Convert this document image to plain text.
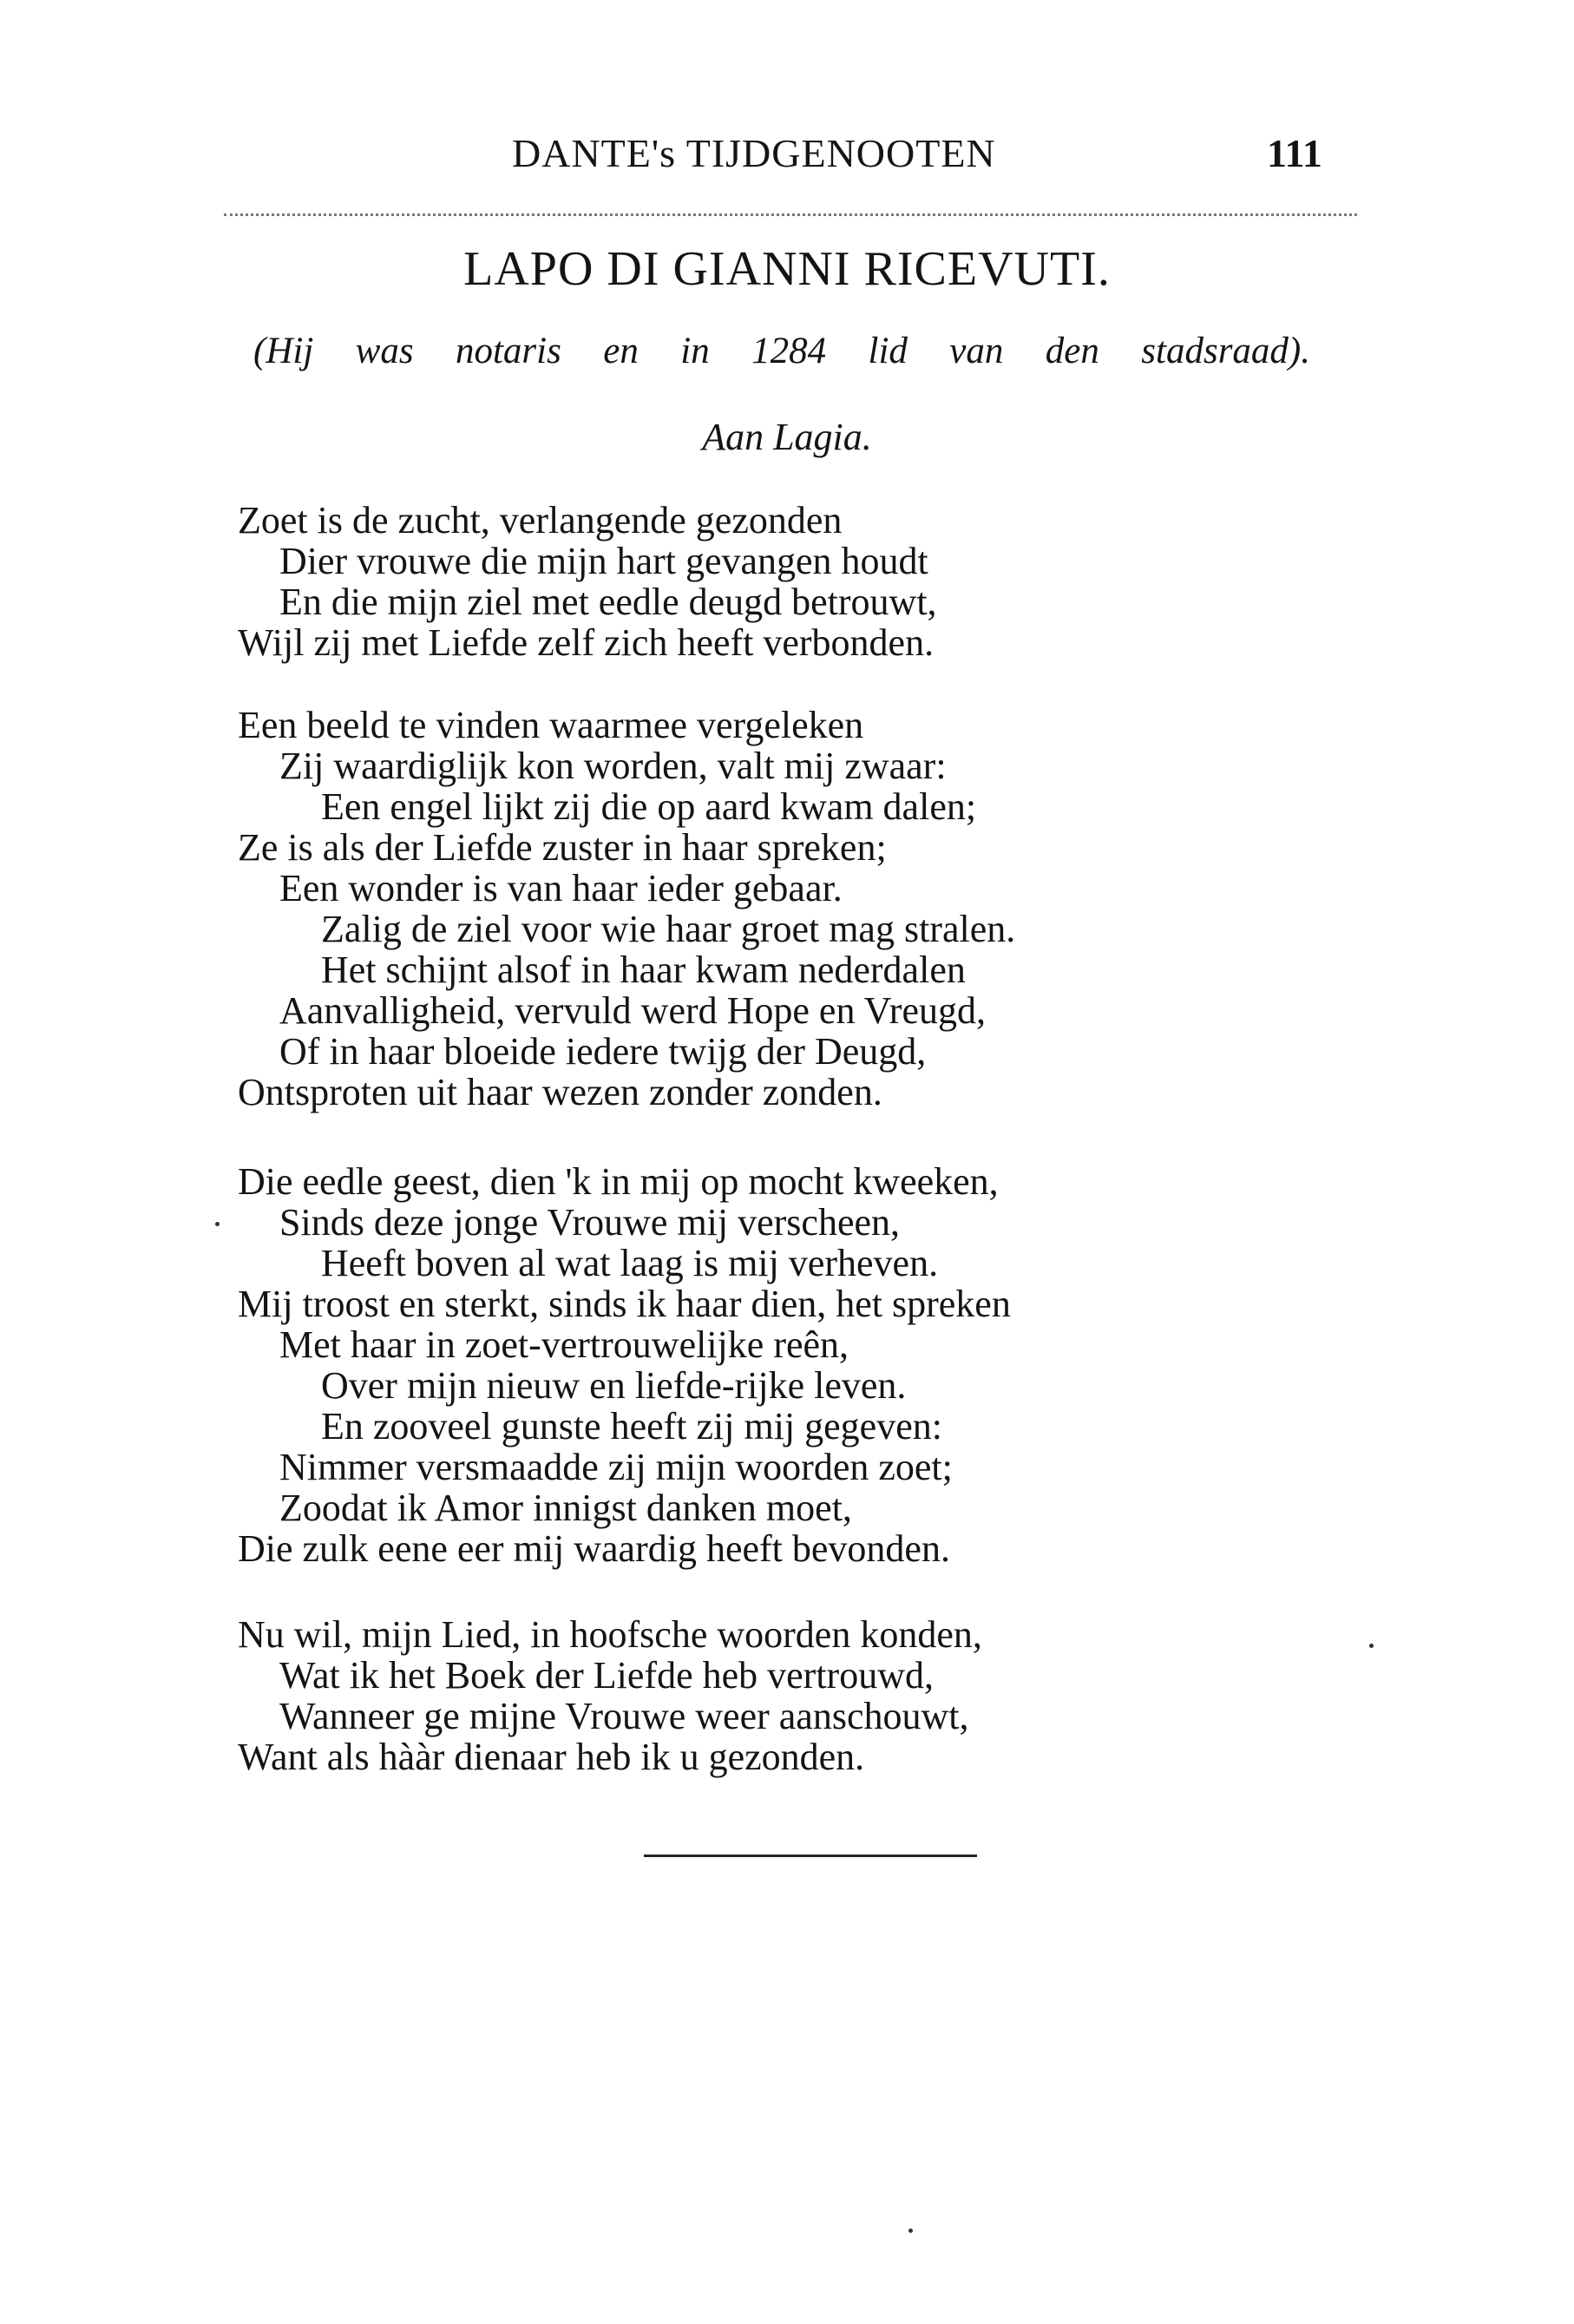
DANTE's TIJDGENOOTEN	111
LAPO DI GIANNI RICEVUTI.
(Hij was notaris en in 1284 lid van den stadsraad).
Aan Lagia.
Zoet is de zucht, verlangende gezonden
Dier vrouwe die mijn hart gevangen houdt
En die mijn ziel met eedle deugd betrouwt,
Wijl zij met Liefde zelf zich heeft verbonden.
Een beeld te vinden waarmee vergeleken
Zij waardiglijk kon worden, valt mij zwaar:
Een engel lijkt zij die op aard kwam dalen;
Ze is als der Liefde zuster in haar spreken;
Een wonder is van haar ieder gebaar.
Zalig de ziel voor wie haar groet mag stralen.
Het schijnt alsof in haar kwam nederdalen
Aanvalligheid, vervuld werd Hope en Vreugd,
Of in haar bloeide iedere twijg der Deugd,
Ontsproten uit haar wezen zonder zonden.
Die eedle geest, dien 'k in mij op mocht kweeken,
Sinds deze jonge Vrouwe mij verscheen,
Heeft boven al wat laag is mij verheven.
Mij troost en sterkt, sinds ik haar dien, het spreken
Met haar in zoet-vertrouwelijke reên,
Over mijn nieuw en liefde-rijke leven.
En zooveel gunste heeft zij mij gegeven:
Nimmer versmaadde zij mijn woorden zoet;
Zoodat ik Amor innigst danken moet,
Die zulk eene eer mij waardig heeft bevonden.
Nu wil, mijn Lied, in hoofsche woorden konden,
Wat ik het Boek der Liefde heb vertrouwd,
Wanneer ge mijne Vrouwe weer aanschouwt,
Want als hààr dienaar heb ik u gezonden.
